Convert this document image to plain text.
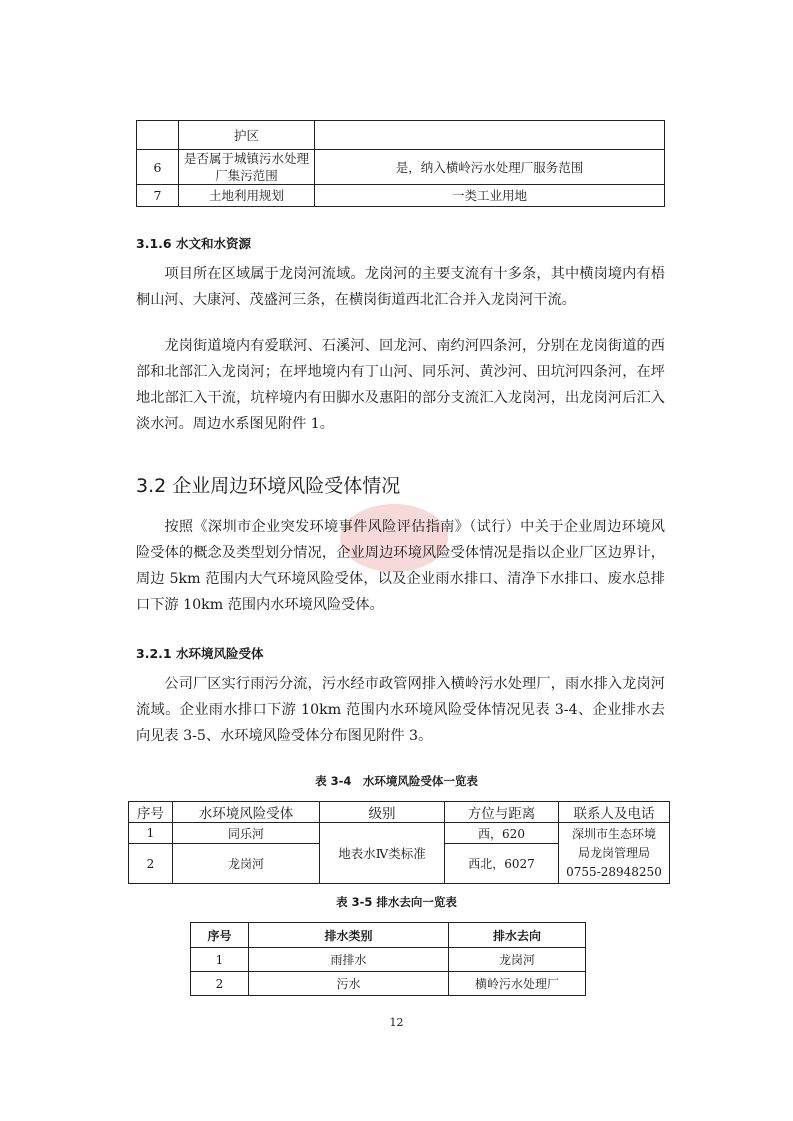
	护区	
6	是否属于城镇污水处理厂集污范围	是，纳入横岭污水处理厂服务范围
7	土地利用规划	一类工业用地
3.1.6 水文和水资源

项目所在区域属于龙岗河流域。龙岗河的主要支流有十多条，其中横岗境内有梧桐山河、大康河、茂盛河三条，在横岗街道西北汇合并入龙岗河干流。

龙岗街道境内有爱联河、石溪河、回龙河、南约河四条河，分别在龙岗街道的西部和北部汇入龙岗河；在坪地境内有丁山河、同乐河、黄沙河、田坑河四条河，在坪地北部汇入干流，坑梓境内有田脚水及惠阳的部分支流汇入龙岗河，出龙岗河后汇入淡水河。周边水系图见附件 1。

3.2 企业周边环境风险受体情况

按照《深圳市企业突发环境事件风险评估指南》（试行）中关于企业周边环境风险受体的概念及类型划分情况，企业周边环境风险受体情况是指以企业厂区边界计，周边 5km 范围内大气环境风险受体，以及企业雨水排口、清净下水排口、废水总排口下游 10km 范围内水环境风险受体。

3.2.1 水环境风险受体

公司厂区实行雨污分流，污水经市政管网排入横岭污水处理厂，雨水排入龙岗河流域。企业雨水排口下游 10km 范围内水环境风险受体情况见表 3-4、企业排水去向见表 3-5、水环境风险受体分布图见附件 3。

表 3-4　水环境风险受体一览表
序号	水环境风险受体	级别	方位与距离	联系人及电话
1	同乐河	地表水Ⅳ类标准	西，620	深圳市生态环境
局龙岗管理局
0755-28948250

2	龙岗河		西北，6027	
表 3-5 排水去向一览表
序号	排水类别	排水去向
1	雨排水	龙岗河
2	污水	横岭污水处理厂
12
